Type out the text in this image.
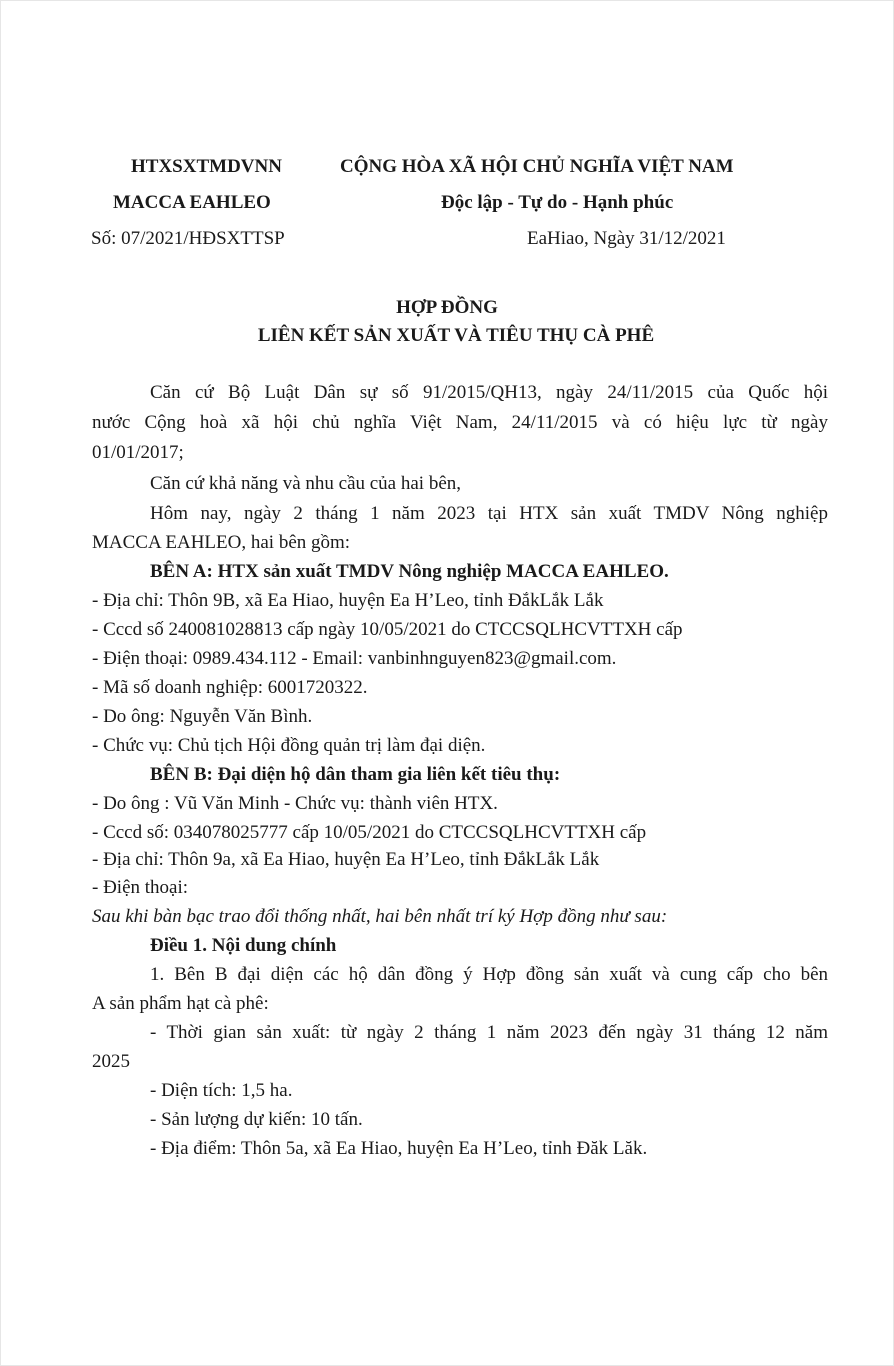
HTXSXTMDVNN
MACCA EAHLEO
Số: 07/2021/HĐSXTTSP
CỘNG HÒA XÃ HỘI CHỦ NGHĨA VIỆT NAM
Độc lập - Tự do - Hạnh phúc
EaHiao, Ngày 31/12/2021
HỢP ĐỒNG
LIÊN KẾT SẢN XUẤT VÀ TIÊU THỤ CÀ PHÊ
Căn cứ Bộ Luật Dân sự số 91/2015/QH13, ngày 24/11/2015 của Quốc hội
nước Cộng hoà xã hội chủ nghĩa Việt Nam, 24/11/2015 và có hiệu lực từ ngày
01/01/2017;
Căn cứ khả năng và nhu cầu của hai bên,
Hôm nay, ngày 2 tháng 1 năm 2023 tại HTX sản xuất TMDV Nông nghiệp
MACCA EAHLEO, hai bên gồm:
BÊN A: HTX sản xuất TMDV Nông nghiệp MACCA EAHLEO.
- Địa chỉ: Thôn 9B, xã Ea Hiao, huyện Ea H’Leo, tỉnh ĐắkLắk Lắk
- Cccd số 240081028813 cấp ngày 10/05/2021 do CTCCSQLHCVTTXH cấp
- Điện thoại: 0989.434.112 - Email: vanbinhnguyen823@gmail.com.
- Mã số doanh nghiệp: 6001720322.
- Do ông: Nguyễn Văn Bình.
- Chức vụ: Chủ tịch Hội đồng quản trị làm đại diện.
BÊN B: Đại diện hộ dân tham gia liên kết tiêu thụ:
- Do ông : Vũ Văn Minh - Chức vụ: thành viên HTX.
- Cccd số: 034078025777 cấp 10/05/2021 do CTCCSQLHCVTTXH cấp
- Địa chỉ: Thôn 9a, xã Ea Hiao, huyện Ea H’Leo, tỉnh ĐắkLắk Lắk
- Điện thoại:
Sau khi bàn bạc trao đổi thống nhất, hai bên nhất trí ký Hợp đồng như sau:
Điều 1. Nội dung chính
1. Bên B đại diện các hộ dân đồng ý Hợp đồng sản xuất và cung cấp cho bên
A sản phẩm hạt cà phê:
- Thời gian sản xuất: từ ngày 2 tháng 1 năm 2023 đến ngày 31 tháng 12 năm
2025
- Diện tích: 1,5 ha.
- Sản lượng dự kiến: 10 tấn.
- Địa điểm: Thôn 5a, xã Ea Hiao, huyện Ea H’Leo, tỉnh Đăk Lăk.
